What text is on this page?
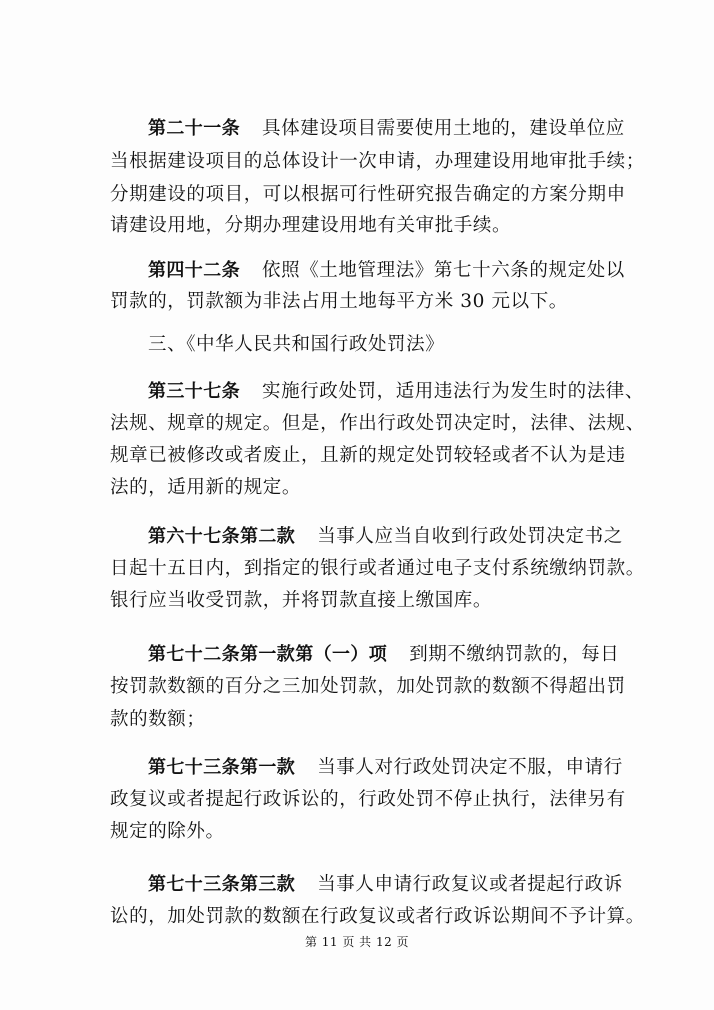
第二十一条 具体建设项目需要使用土地的，建设单位应
当根据建设项目的总体设计一次申请，办理建设用地审批手续；
分期建设的项目，可以根据可行性研究报告确定的方案分期申
请建设用地，分期办理建设用地有关审批手续。
第四十二条 依照《土地管理法》第七十六条的规定处以
罚款的，罚款额为非法占用土地每平方米 30 元以下。
三、《中华人民共和国行政处罚法》
第三十七条 实施行政处罚，适用违法行为发生时的法律、
法规、规章的规定。但是，作出行政处罚决定时，法律、法规、
规章已被修改或者废止，且新的规定处罚较轻或者不认为是违
法的，适用新的规定。
第六十七条第二款 当事人应当自收到行政处罚决定书之
日起十五日内，到指定的银行或者通过电子支付系统缴纳罚款。
银行应当收受罚款，并将罚款直接上缴国库。
第七十二条第一款第（一）项 到期不缴纳罚款的，每日
按罚款数额的百分之三加处罚款，加处罚款的数额不得超出罚
款的数额；
第七十三条第一款 当事人对行政处罚决定不服，申请行
政复议或者提起行政诉讼的，行政处罚不停止执行，法律另有
规定的除外。
第七十三条第三款 当事人申请行政复议或者提起行政诉
讼的，加处罚款的数额在行政复议或者行政诉讼期间不予计算。
第 11 页 共 12 页
